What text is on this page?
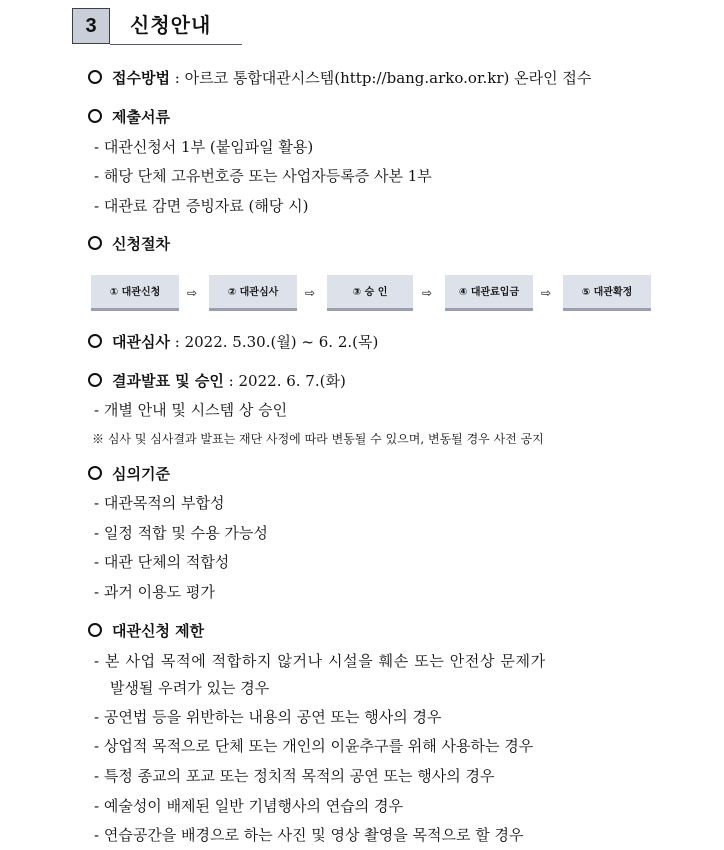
3	신청안내
접수방법 : 아르코 통합대관시스템(http://bang.arko.or.kr) 온라인 접수
제출서류
- 대관신청서 1부 (붙임파일 활용)
- 해당 단체 고유번호증 또는 사업자등록증 사본 1부
- 대관료 감면 증빙자료 (해당 시)
신청절차
① 대관신청	⇨	② 대관심사	⇨	③ 승 인	⇨	④ 대관료입금	⇨	⑤ 대관확정
대관심사 : 2022. 5.30.(월) ~ 6. 2.(목)
결과발표 및 승인 : 2022. 6. 7.(화)
- 개별 안내 및 시스템 상 승인
※ 심사 및 심사결과 발표는 재단 사정에 따라 변동될 수 있으며, 변동될 경우 사전 공지
심의기준
- 대관목적의 부합성
- 일정 적합 및 수용 가능성
- 대관 단체의 적합성
- 과거 이용도 평가
대관신청 제한
- 본 사업 목적에 적합하지 않거나 시설을 훼손 또는 안전상 문제가
발생될 우려가 있는 경우
- 공연법 등을 위반하는 내용의 공연 또는 행사의 경우
- 상업적 목적으로 단체 또는 개인의 이윤추구를 위해 사용하는 경우
- 특정 종교의 포교 또는 정치적 목적의 공연 또는 행사의 경우
- 예술성이 배제된 일반 기념행사의 연습의 경우
- 연습공간을 배경으로 하는 사진 및 영상 촬영을 목적으로 할 경우
